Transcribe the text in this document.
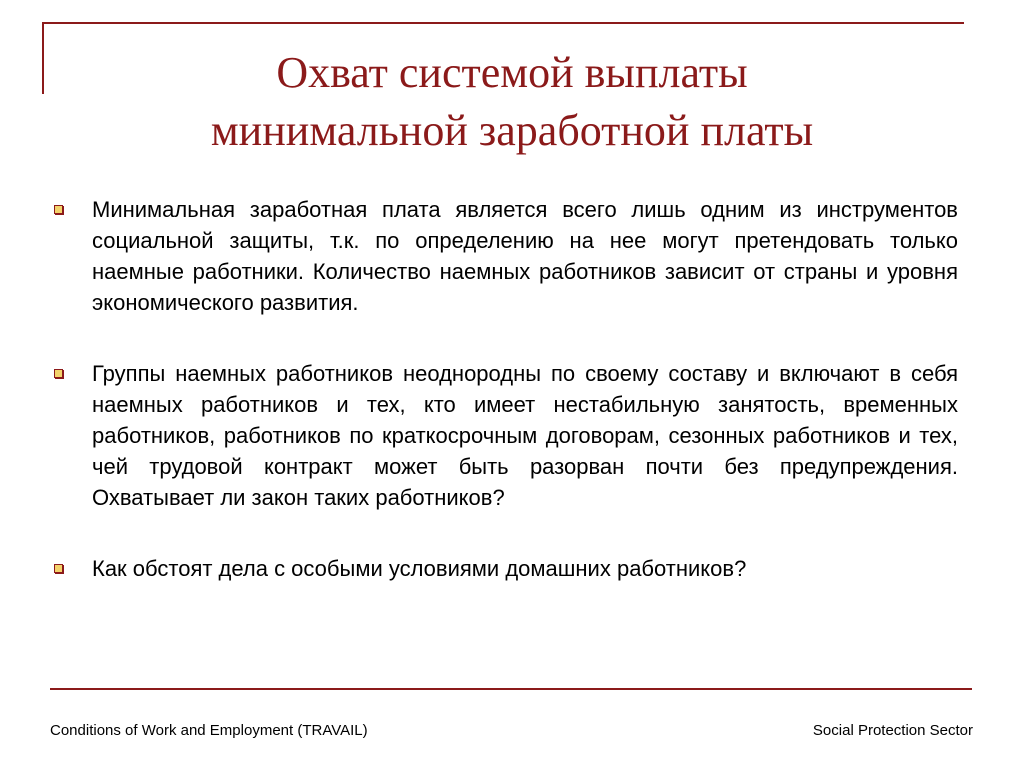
Охват системой выплаты
минимальной заработной платы
Минимальная заработная плата является всего лишь одним из инструментов социальной защиты, т.к. по определению на нее могут претендовать только наемные работники. Количество наемных работников зависит от страны и уровня экономического развития.
Группы наемных работников неоднородны по своему составу и включают в себя наемных работников и тех, кто имеет нестабильную занятость, временных работников, работников по краткосрочным договорам, сезонных работников и тех, чей трудовой контракт может быть разорван почти без предупреждения. Охватывает ли закон таких работников?
Как обстоят дела с особыми условиями домашних работников?
Conditions of Work and Employment (TRAVAIL)	Social Protection Sector
